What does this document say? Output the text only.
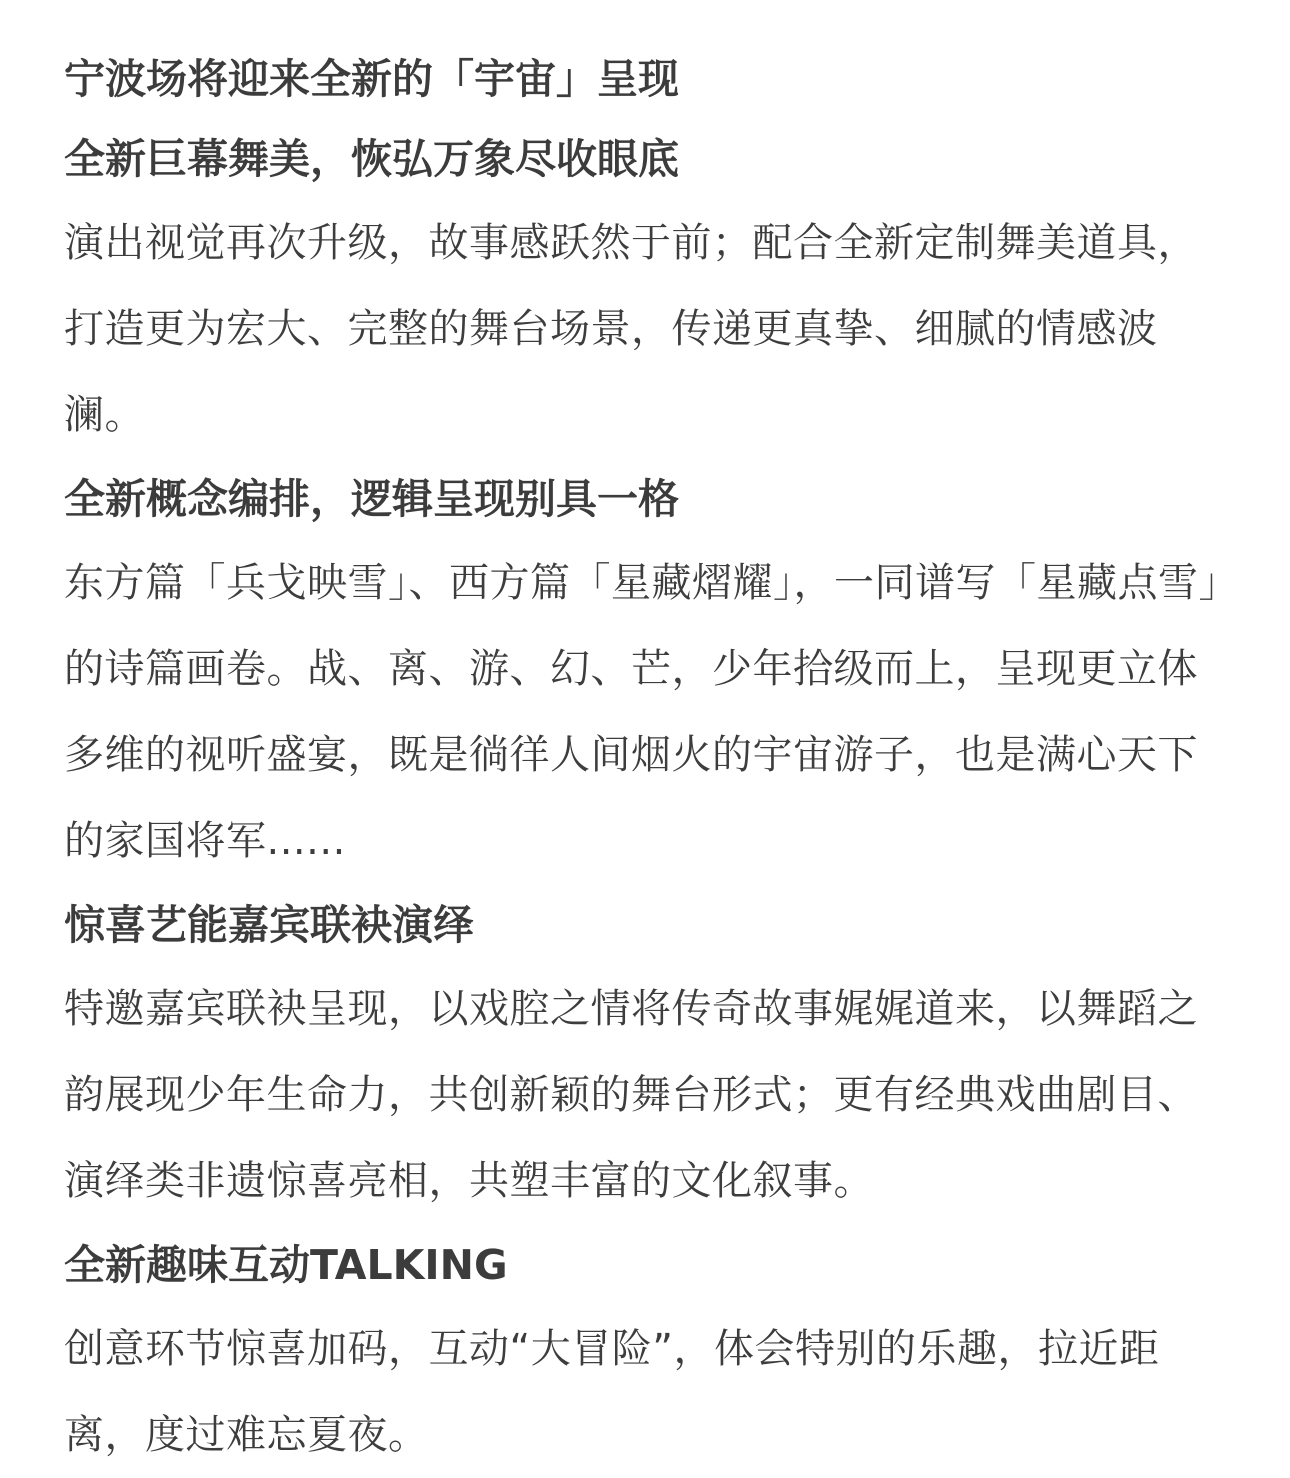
宁波场将迎来全新的「宇宙」呈现

全新巨幕舞美，恢弘万象尽收眼底

演出视觉再次升级，故事感跃然于前；配合全新定制舞美道具，打造更为宏大、完整的舞台场景，传递更真挚、细腻的情感波澜。

全新概念编排，逻辑呈现别具一格

东方篇「兵戈映雪」、西方篇「星藏熠耀」，一同谱写「星藏点雪」的诗篇画卷。战、离、游、幻、芒，少年拾级而上，呈现更立体多维的视听盛宴，既是徜徉人间烟火的宇宙游子，也是满心天下的家国将军......

惊喜艺能嘉宾联袂演绎

特邀嘉宾联袂呈现，以戏腔之情将传奇故事娓娓道来，以舞蹈之韵展现少年生命力，共创新颖的舞台形式；更有经典戏曲剧目、演绎类非遗惊喜亮相，共塑丰富的文化叙事。

全新趣味互动TALKING

创意环节惊喜加码，互动“大冒险”，体会特别的乐趣，拉近距离，度过难忘夏夜。
